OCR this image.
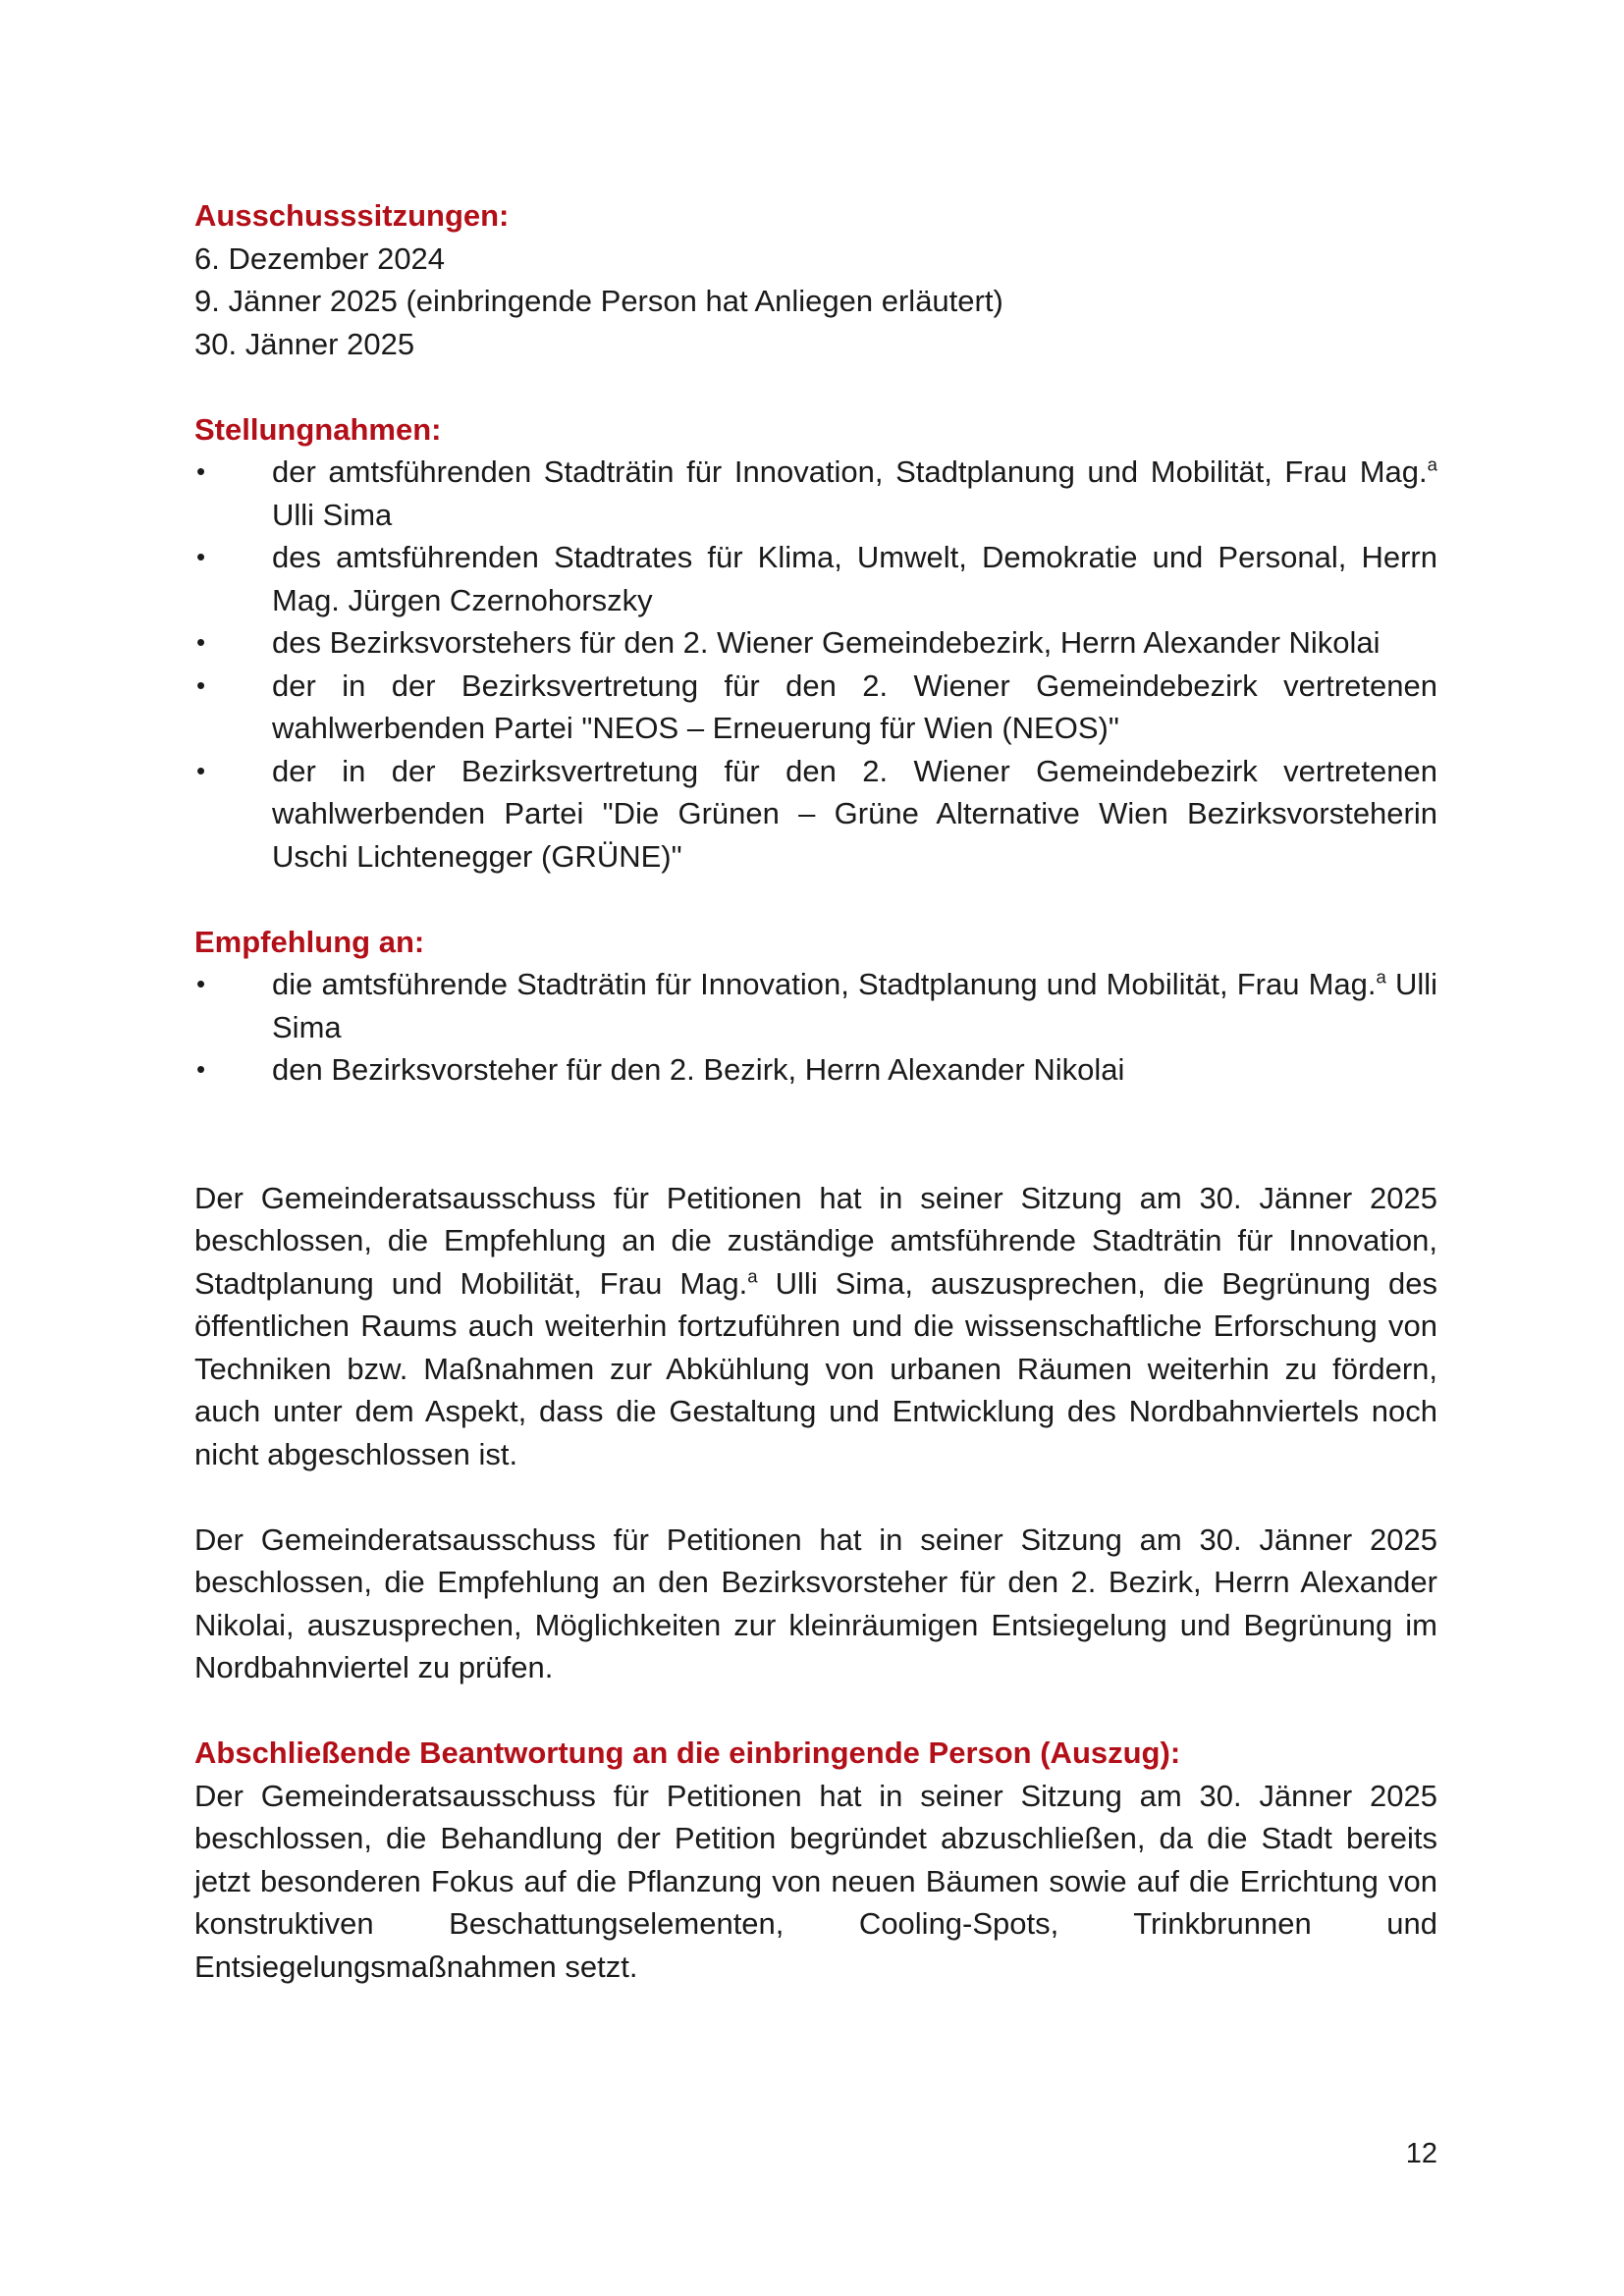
Ausschusssitzungen:

6. Dezember 2024

9. Jänner 2025 (einbringende Person hat Anliegen erläutert)

30. Jänner 2025

Stellungnahmen:

• der amtsführenden Stadträtin für Innovation, Stadtplanung und Mobilität, Frau Mag.$^a$ Ulli Sima
• des amtsführenden Stadtrates für Klima, Umwelt, Demokratie und Personal, Herrn Mag. Jürgen Czernohorszky
• des Bezirksvorstehers für den 2. Wiener Gemeindebezirk, Herrn Alexander Nikolai
• der in der Bezirksvertretung für den 2. Wiener Gemeindebezirk vertretenen wahlwerbenden Partei "NEOS – Erneuerung für Wien (NEOS)"
• der in der Bezirksvertretung für den 2. Wiener Gemeindebezirk vertretenen wahlwerbenden Partei "Die Grünen – Grüne Alternative Wien Bezirksvorsteherin Uschi Lichtenegger (GRÜNE)"

Empfehlung an:

• die amtsführende Stadträtin für Innovation, Stadtplanung und Mobilität, Frau Mag.$^a$ Ulli Sima
• den Bezirksvorsteher für den 2. Bezirk, Herrn Alexander Nikolai

Der Gemeinderatsausschuss für Petitionen hat in seiner Sitzung am 30. Jänner 2025 beschlossen, die Empfehlung an die zuständige amtsführende Stadträtin für Innovation, Stadtplanung und Mobilität, Frau Mag.$^a$ Ulli Sima, auszusprechen, die Begrünung des öffentlichen Raums auch weiterhin fortzuführen und die wissenschaftliche Erforschung von Techniken bzw. Maßnahmen zur Abkühlung von urbanen Räumen weiterhin zu fördern, auch unter dem Aspekt, dass die Gestaltung und Entwicklung des Nordbahnviertels noch nicht abgeschlossen ist.

Der Gemeinderatsausschuss für Petitionen hat in seiner Sitzung am 30. Jänner 2025 beschlossen, die Empfehlung an den Bezirksvorsteher für den 2. Bezirk, Herrn Alexander Nikolai, auszusprechen, Möglichkeiten zur kleinräumigen Entsiegelung und Begrünung im Nordbahnviertel zu prüfen.

Abschließende Beantwortung an die einbringende Person (Auszug):

Der Gemeinderatsausschuss für Petitionen hat in seiner Sitzung am 30. Jänner 2025 beschlossen, die Behandlung der Petition begründet abzuschließen, da die Stadt bereits jetzt besonderen Fokus auf die Pflanzung von neuen Bäumen sowie auf die Errichtung von konstruktiven Beschattungselementen, Cooling-Spots, Trinkbrunnen und Entsiegelungsmaßnahmen setzt.

12
